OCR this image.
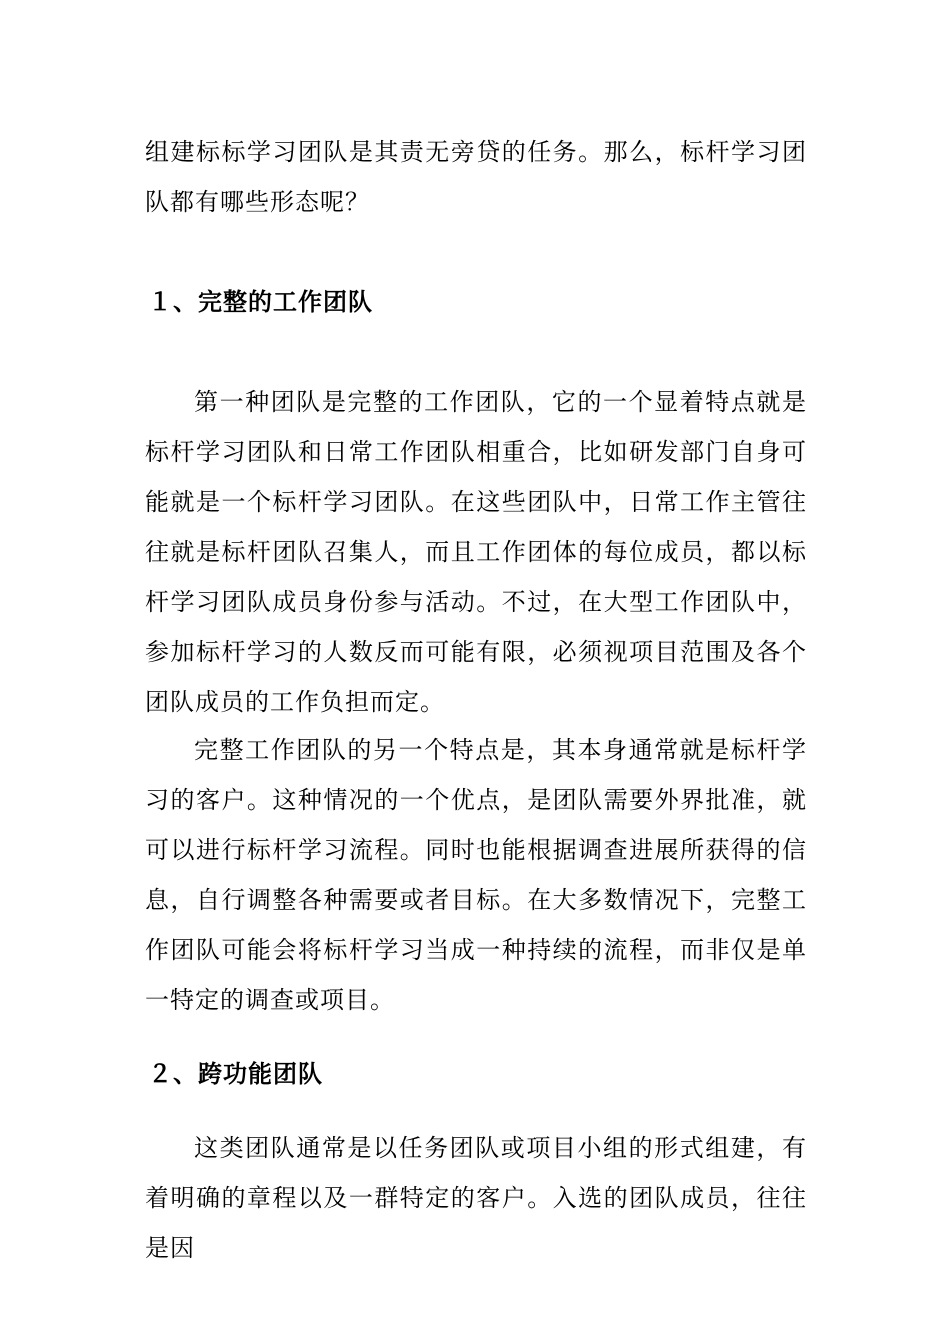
组建标标学习团队是其责无旁贷的任务。那么，标杆学习团队都有哪些形态呢？

１、完整的工作团队

第一种团队是完整的工作团队，它的一个显着特点就是标杆学习团队和日常工作团队相重合，比如研发部门自身可能就是一个标杆学习团队。在这些团队中，日常工作主管往往就是标杆团队召集人，而且工作团体的每位成员，都以标杆学习团队成员身份参与活动。不过，在大型工作团队中，参加标杆学习的人数反而可能有限，必须视项目范围及各个团队成员的工作负担而定。

完整工作团队的另一个特点是，其本身通常就是标杆学习的客户。这种情况的一个优点，是团队需要外界批准，就可以进行标杆学习流程。同时也能根据调查进展所获得的信息，自行调整各种需要或者目标。在大多数情况下，完整工作团队可能会将标杆学习当成一种持续的流程，而非仅是单一特定的调查或项目。

２、跨功能团队

这类团队通常是以任务团队或项目小组的形式组建，有着明确的章程以及一群特定的客户。入选的团队成员，往往是因
